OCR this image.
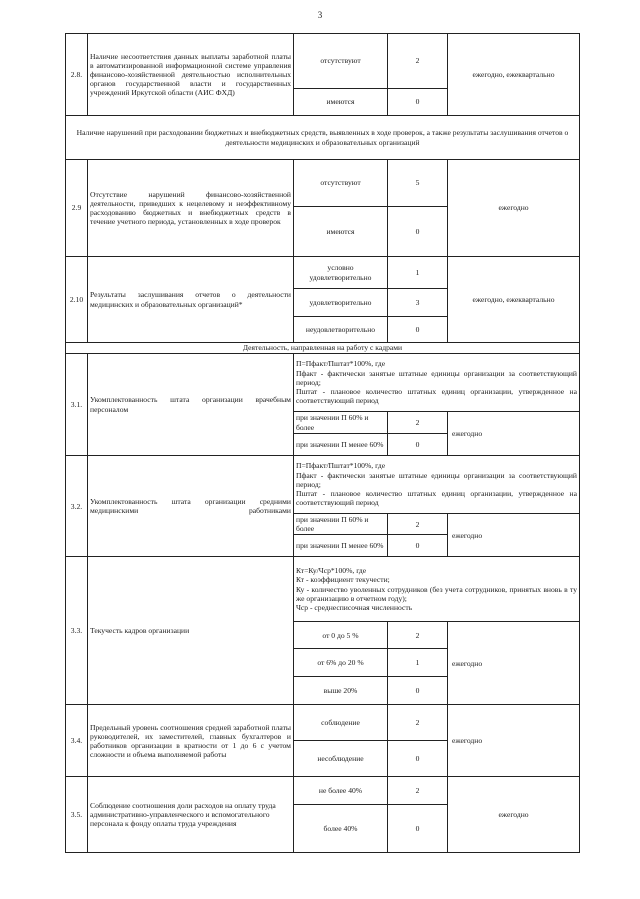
3
2.8.	Наличие несоответствия данных выплаты заработной платы в автоматизированной информационной системе управления финансово-хозяйственной деятельностью исполнительных органов государственной власти и государственных учреждений Иркутской области (АИС ФХД)	отсутствуют	2	ежегодно, ежеквартально
		имеются	0	
Наличие нарушений при расходовании бюджетных и внебюджетных средств, выявленных в ходе проверок, а также результаты заслушивания отчетов о деятельности медицинских и образовательных организаций				
2.9	Отсутствие нарушений финансово-хозяйственной деятельности, приведших к нецелевому и неэффективному расходованию бюджетных и внебюджетных средств в течение учетного периода, установленных в ходе проверок	отсутствуют	5	ежегодно
		имеются	0	
2.10	Результаты заслушивания отчетов о деятельности медицинских и образовательных организаций*	условно удовлетворительно	1	ежегодно, ежеквартально
		удовлетворительно	3	
		неудовлетворительно	0	
Деятельность, направленная на работу с кадрами				
3.1.	Укомплектованность штата организации врачебным персоналом	П=Пфакт/Пштат*100%, где
Пфакт - фактически занятые штатные единицы организации за соответствующий период;
Пштат - плановое количество штатных единиц организации, утвержденное на соответствующий период		

		при значении П 60% и более	2	ежегодно
		при значении П менее 60%	0	
3.2.	Укомплектованность штата организации средними медицинскими работниками	П=Пфакт/Пштат*100%, где
Пфакт - фактически занятые штатные единицы организации за соответствующий период;
Пштат - плановое количество штатных единиц организации, утвержденное на соответствующий период		

		при значении П 60% и более	2	ежегодно
		при значении П менее 60%	0	
3.3.	Текучесть кадров организации	Кт=Ку/Чср*100%, где
Кт - коэффициент текучести;
Ку - количество уволенных сотрудников (без учета сотрудников, принятых вновь в ту же организацию в отчетном году);
Чср - среднесписочная численность		

		от 0 до 5 %	2	ежегодно
		от 6% до 20 %	1	
		выше 20%	0	
3.4.	Предельный уровень соотношения средней заработной платы руководителей, их заместителей, главных бухгалтеров и работников организации в кратности от 1 до 6 с учетом сложности и объема выполняемой работы	соблюдение	2	ежегодно
		несоблюдение	0	
3.5.	Соблюдение соотношения доли расходов на оплату труда административно-управленческого и вспомогательного персонала к фонду оплаты труда учреждения	не более 40%	2	ежегодно
		более 40%	0	
